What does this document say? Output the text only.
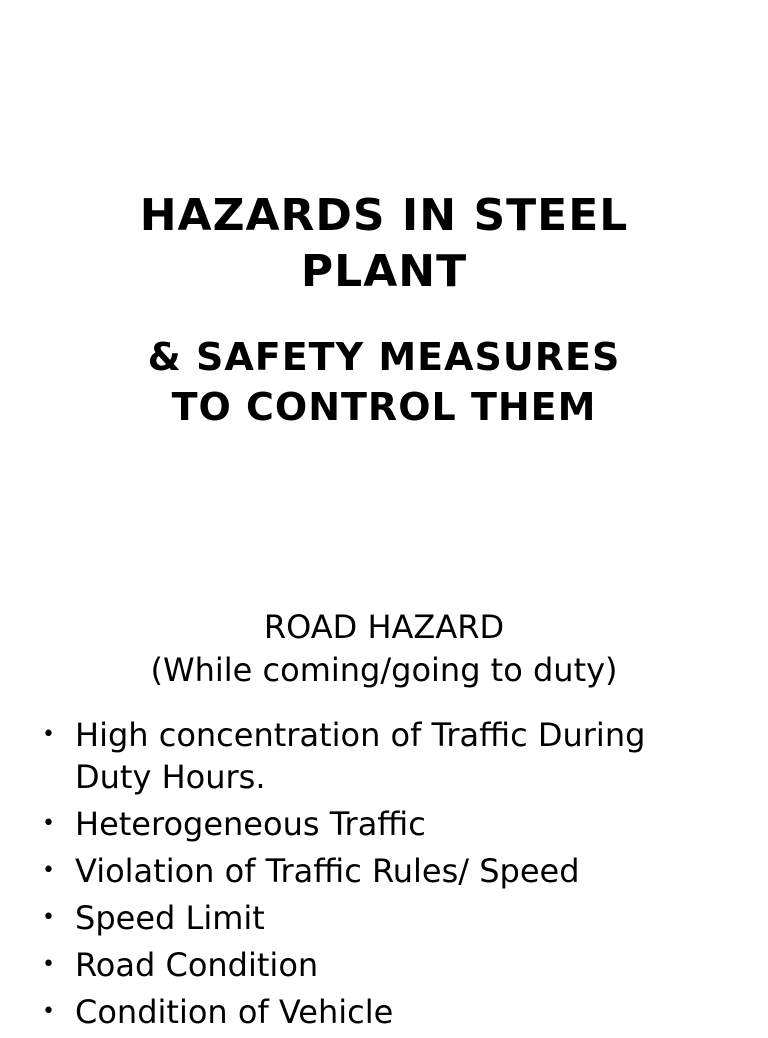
HAZARDS IN STEEL
PLANT
& SAFETY MEASURES
TO CONTROL THEM
ROAD HAZARD
(While coming/going to duty)
• High concentration of Traffic During Duty Hours.
• Heterogeneous Traffic
• Violation of Traffic Rules/ Speed
• Speed Limit
• Road Condition
• Condition of Vehicle
